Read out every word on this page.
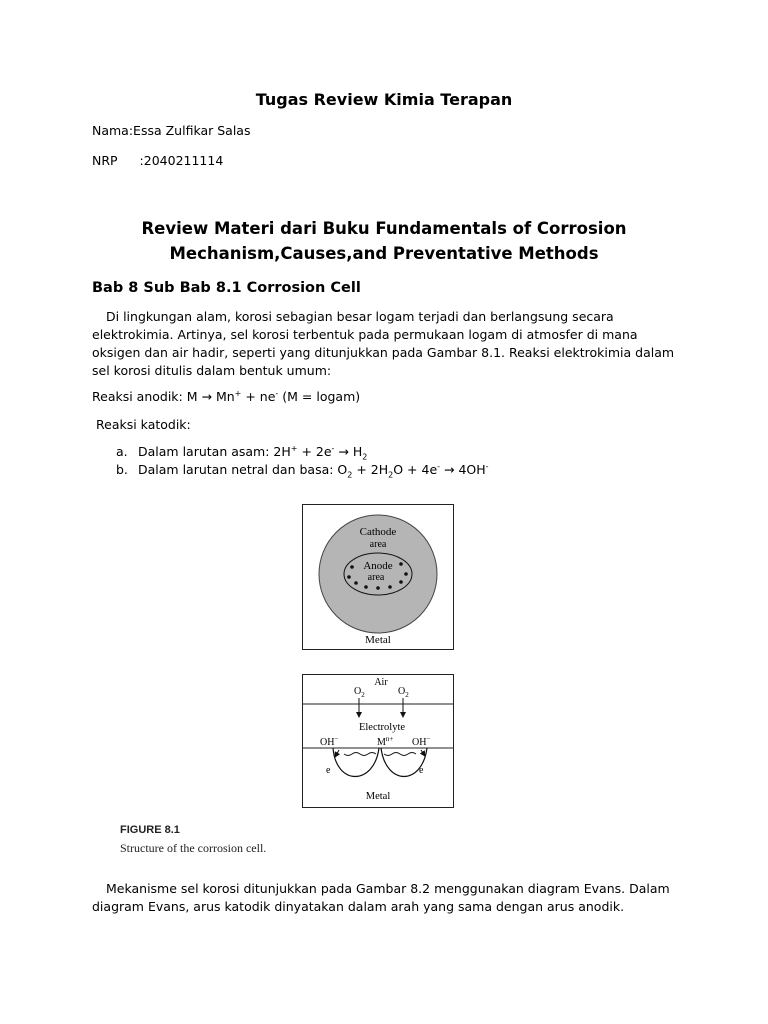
Tugas Review Kimia Terapan
Nama:Essa Zulfikar Salas
NRP :2040211114
Review Materi dari Buku Fundamentals of Corrosion
Mechanism,Causes,and Preventative Methods
Bab 8 Sub Bab 8.1 Corrosion Cell
Di lingkungan alam, korosi sebagian besar logam terjadi dan berlangsung secara elektrokimia. Artinya, sel korosi terbentuk pada permukaan logam di atmosfer di mana oksigen dan air hadir, seperti yang ditunjukkan pada Gambar 8.1. Reaksi elektrokimia dalam sel korosi ditulis dalam bentuk umum:
Reaksi anodik: M → Mn+ + ne- (M = logam)
Reaksi katodik:
a. Dalam larutan asam: $2H^+ + 2e^- \to H_2$
b. Dalam larutan netral dan basa: $O_2 + 2H_2O + 4e^- \to 4OH^-$
Cathode
area
Anode
area
Metal
Air
$O_2$	$O_2$
Electrolyte
OH−	$M^{n+}$ OH−
e	e
Metal
FIGURE 8.1
Structure of the corrosion cell.
Mekanisme sel korosi ditunjukkan pada Gambar 8.2 menggunakan diagram Evans. Dalam diagram Evans, arus katodik dinyatakan dalam arah yang sama dengan arus anodik.
